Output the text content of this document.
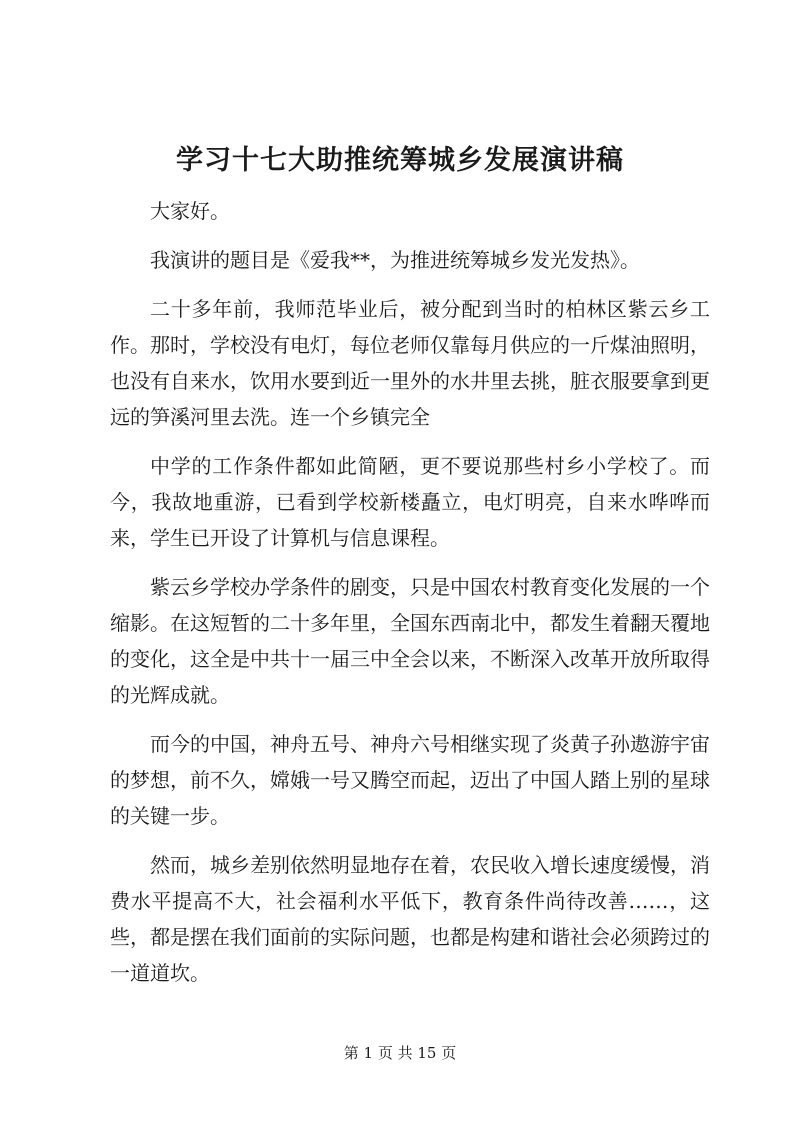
学习十七大助推统筹城乡发展演讲稿

大家好。

我演讲的题目是《爱我**，为推进统筹城乡发光发热》。

二十多年前，我师范毕业后，被分配到当时的柏林区紫云乡工作。那时，学校没有电灯，每位老师仅靠每月供应的一斤煤油照明，也没有自来水，饮用水要到近一里外的水井里去挑，脏衣服要拿到更远的笋溪河里去洗。连一个乡镇完全

中学的工作条件都如此简陋，更不要说那些村乡小学校了。而今，我故地重游，已看到学校新楼矗立，电灯明亮，自来水哗哗而来，学生已开设了计算机与信息课程。

紫云乡学校办学条件的剧变，只是中国农村教育变化发展的一个缩影。在这短暂的二十多年里，全国东西南北中，都发生着翻天覆地的变化，这全是中共十一届三中全会以来，不断深入改革开放所取得的光辉成就。

而今的中国，神舟五号、神舟六号相继实现了炎黄子孙遨游宇宙的梦想，前不久，嫦娥一号又腾空而起，迈出了中国人踏上别的星球的关键一步。

然而，城乡差别依然明显地存在着，农民收入增长速度缓慢，消费水平提高不大，社会福利水平低下，教育条件尚待改善……，这些，都是摆在我们面前的实际问题，也都是构建和谐社会必须跨过的一道道坎。

第 1 页 共 15 页
